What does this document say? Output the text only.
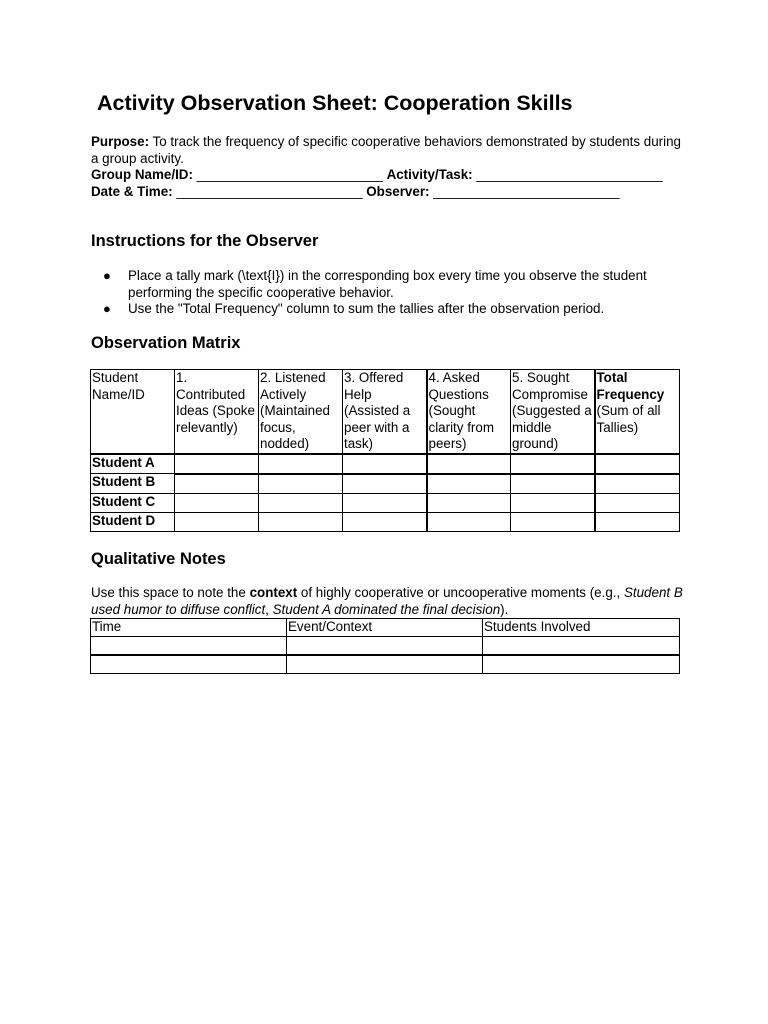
Activity Observation Sheet: Cooperation Skills

Purpose: To track the frequency of specific cooperative behaviors demonstrated by students during a group activity.
Group Name/ID: _________________________ Activity/Task: _________________________ Date & Time: _________________________ Observer: _________________________

Instructions for the Observer
● Place a tally mark (\text{I}) in the corresponding box every time you observe the student performing the specific cooperative behavior.
● Use the "Total Frequency" column to sum the tallies after the observation period.
Observation Matrix
Student Name/ID	1. Contributed Ideas (Spoke relevantly)	2. Listened Actively (Maintained focus, nodded)	3. Offered Help (Assisted a peer with a task)	4. Asked Questions (Sought clarity from peers)	5. Sought Compromise (Suggested a middle ground)	Total Frequency (Sum of all Tallies)
Student A						
Student B						
Student C						
Student D						
Qualitative Notes

Use this space to note the context of highly cooperative or uncooperative moments (e.g., Student B used humor to diffuse conflict, Student A dominated the final decision).

Time	Event/Context	Students Involved
